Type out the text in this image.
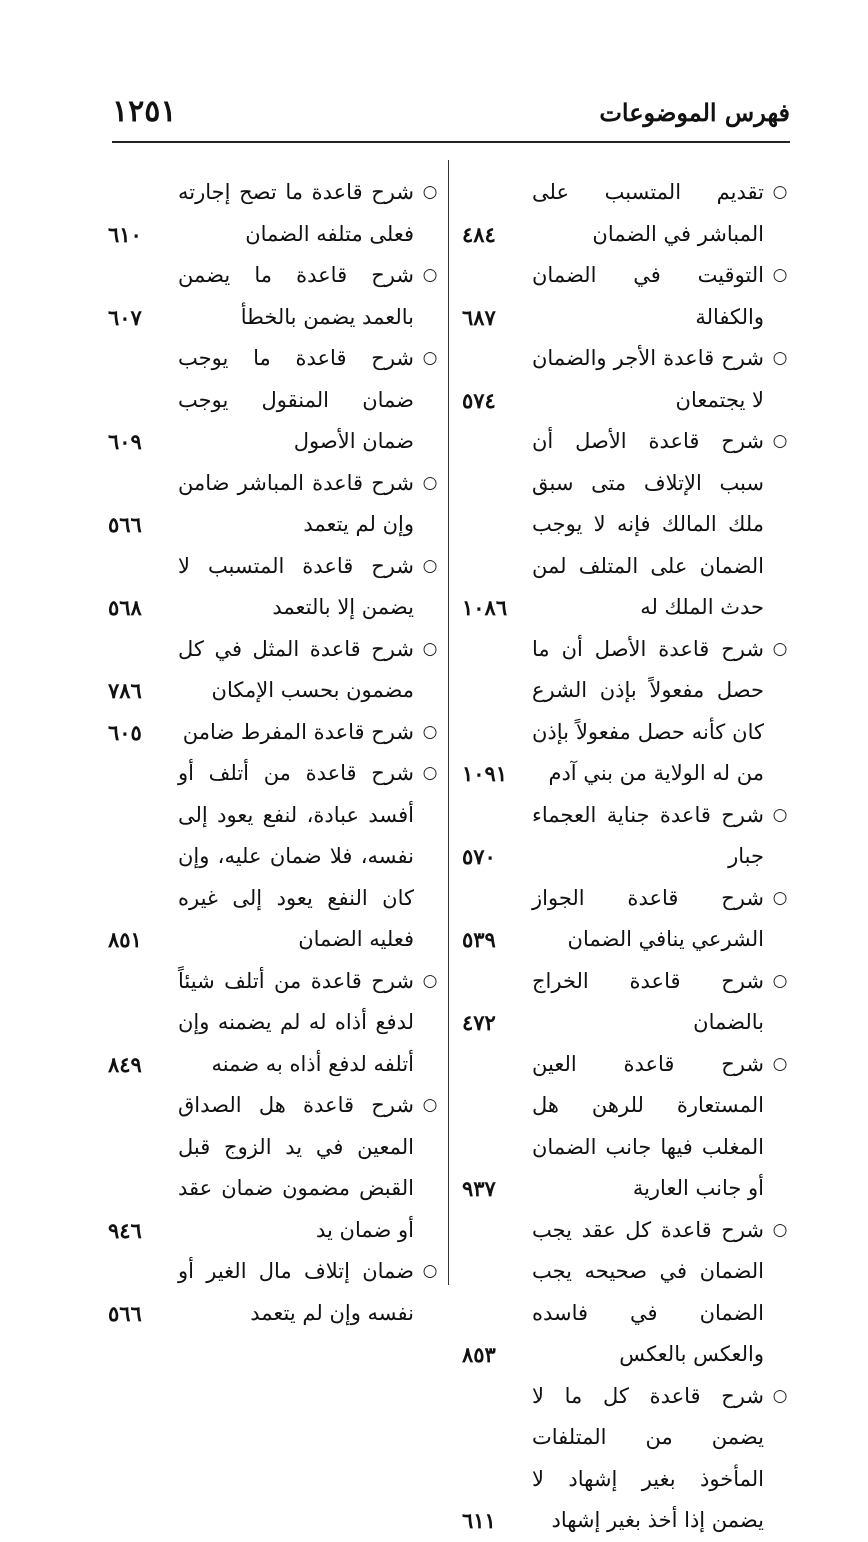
١٢٥١	فهرس الموضوعات
○
تقديم المتسبب على المباشر في الضمان
٤٨٤
○
التوقيت في الضمان والكفالة
٦٨٧
○
شرح قاعدة الأجر والضمان لا يجتمعان
٥٧٤
○
شرح قاعدة الأصل أن سبب الإتلاف متى سبق ملك المالك فإنه لا يوجب الضمان على المتلف لمن حدث الملك له
١٠٨٦
○
شرح قاعدة الأصل أن ما حصل مفعولاً بإذن الشرع كان كأنه حصل مفعولاً بإذن من له الولاية من بني آدم
١٠٩١
○
شرح قاعدة جناية العجماء جبار
٥٧٠
○
شرح قاعدة الجواز الشرعي ينافي الضمان
٥٣٩
○
شرح قاعدة الخراج بالضمان
٤٧٢
○
شرح قاعدة العين المستعارة للرهن هل المغلب فيها جانب الضمان أو جانب العارية
٩٣٧
○
شرح قاعدة كل عقد يجب الضمان في صحيحه يجب الضمان في فاسده والعكس بالعكس
٨٥٣
○
شرح قاعدة كل ما لا يضمن من المتلفات المأخوذ بغير إشهاد لا يضمن إذا أخذ بغير إشهاد
٦١١
○
شرح قاعدة ما تصح إجارته فعلى متلفه الضمان
٦١٠
○
شرح قاعدة ما يضمن بالعمد يضمن بالخطأ
٦٠٧
○
شرح قاعدة ما يوجب ضمان المنقول يوجب ضمان الأصول
٦٠٩
○
شرح قاعدة المباشر ضامن وإن لم يتعمد
٥٦٦
○
شرح قاعدة المتسبب لا يضمن إلا بالتعمد
٥٦٨
○
شرح قاعدة المثل في كل مضمون بحسب الإمكان
٧٨٦
○
شرح قاعدة المفرط ضامن
٦٠٥
○
شرح قاعدة من أتلف أو أفسد عبادة، لنفع يعود إلى نفسه، فلا ضمان عليه، وإن كان النفع يعود إلى غيره فعليه الضمان
٨٥١
○
شرح قاعدة من أتلف شيئاً لدفع أذاه له لم يضمنه وإن أتلفه لدفع أذاه به ضمنه
٨٤٩
○
شرح قاعدة هل الصداق المعين في يد الزوج قبل القبض مضمون ضمان عقد أو ضمان يد
٩٤٦
○
ضمان إتلاف مال الغير أو نفسه وإن لم يتعمد
٥٦٦
